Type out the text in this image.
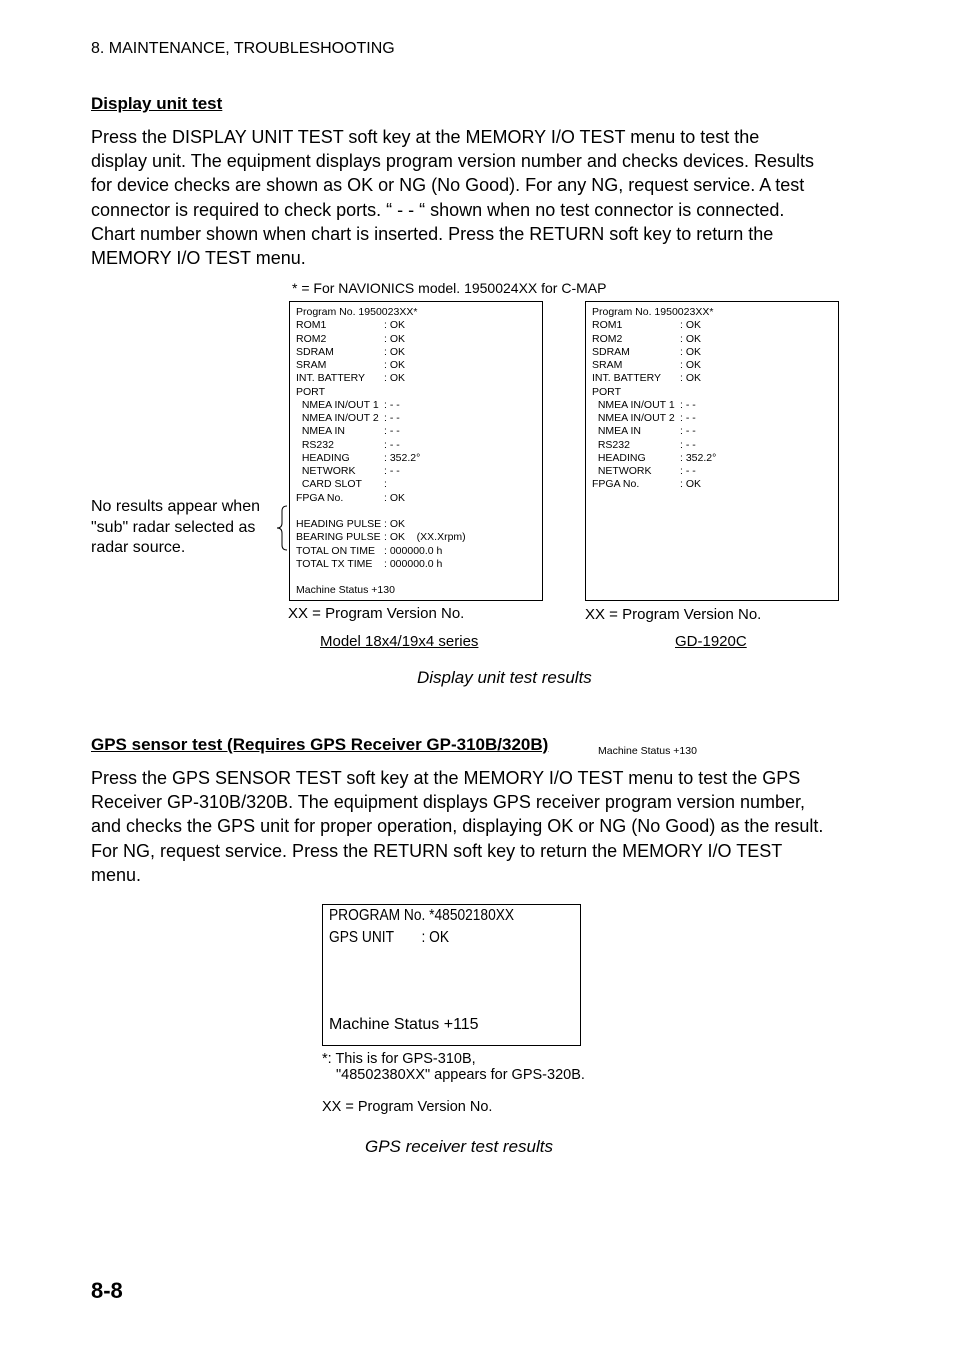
8. MAINTENANCE, TROUBLESHOOTING
Display unit test
Press the DISPLAY UNIT TEST soft key at the MEMORY I/O TEST menu to test the
display unit. The equipment displays program version number and checks devices. Results
for device checks are shown as OK or NG (No Good). For any NG, request service. A test
connector is required to check ports. “ - - “ shown when no test connector is connected.
Chart number shown when chart is inserted. Press the RETURN soft key to return the
MEMORY I/O TEST menu.
* = For NAVIONICS model. 1950024XX for C-MAP
No results appear when
"sub" radar selected as
radar source.
Program No. 1950023XX*
ROM1	: OK
ROM2	: OK
SDRAM	: OK
SRAM	: OK
INT. BATTERY : OK
PORT
NMEA IN/OUT 1 : - -
NMEA IN/OUT 2 : - -
NMEA IN	: - -
RS232	: - -
HEADING	: 352.2°
NETWORK	: - -
CARD SLOT :
FPGA No.	: OK
HEADING PULSE : OK
BEARING PULSE : OK    (XX.Xrpm)
TOTAL ON TIME : 000000.0 h
TOTAL TX TIME : 000000.0 h
Machine Status +130
Program No. 1950023XX*
ROM1	: OK
ROM2	: OK
SDRAM	: OK
SRAM	: OK
INT. BATTERY : OK
PORT
NMEA IN/OUT 1 : - -
NMEA IN/OUT 2 : - -
NMEA IN	: - -
RS232	: - -
HEADING	: 352.2°
NETWORK	: - -
FPGA No.	: OK
Machine Status +130
XX = Program Version No.	XX = Program Version No.
Model 18x4/19x4 series	GD-1920C
Display unit test results
GPS sensor test (Requires GPS Receiver GP-310B/320B)
Press the GPS SENSOR TEST soft key at the MEMORY I/O TEST menu to test the GPS
Receiver GP-310B/320B. The equipment displays GPS receiver program version number,
and checks the GPS unit for proper operation, displaying OK or NG (No Good) as the result.
For NG, request service. Press the RETURN soft key to return the MEMORY I/O TEST
menu.
PROGRAM No. *48502180XX
GPS UNIT : OK
Machine Status +115
*: This is for GPS-310B,
"48502380XX" appears for GPS-320B.
XX = Program Version No.
GPS receiver test results
8-8
